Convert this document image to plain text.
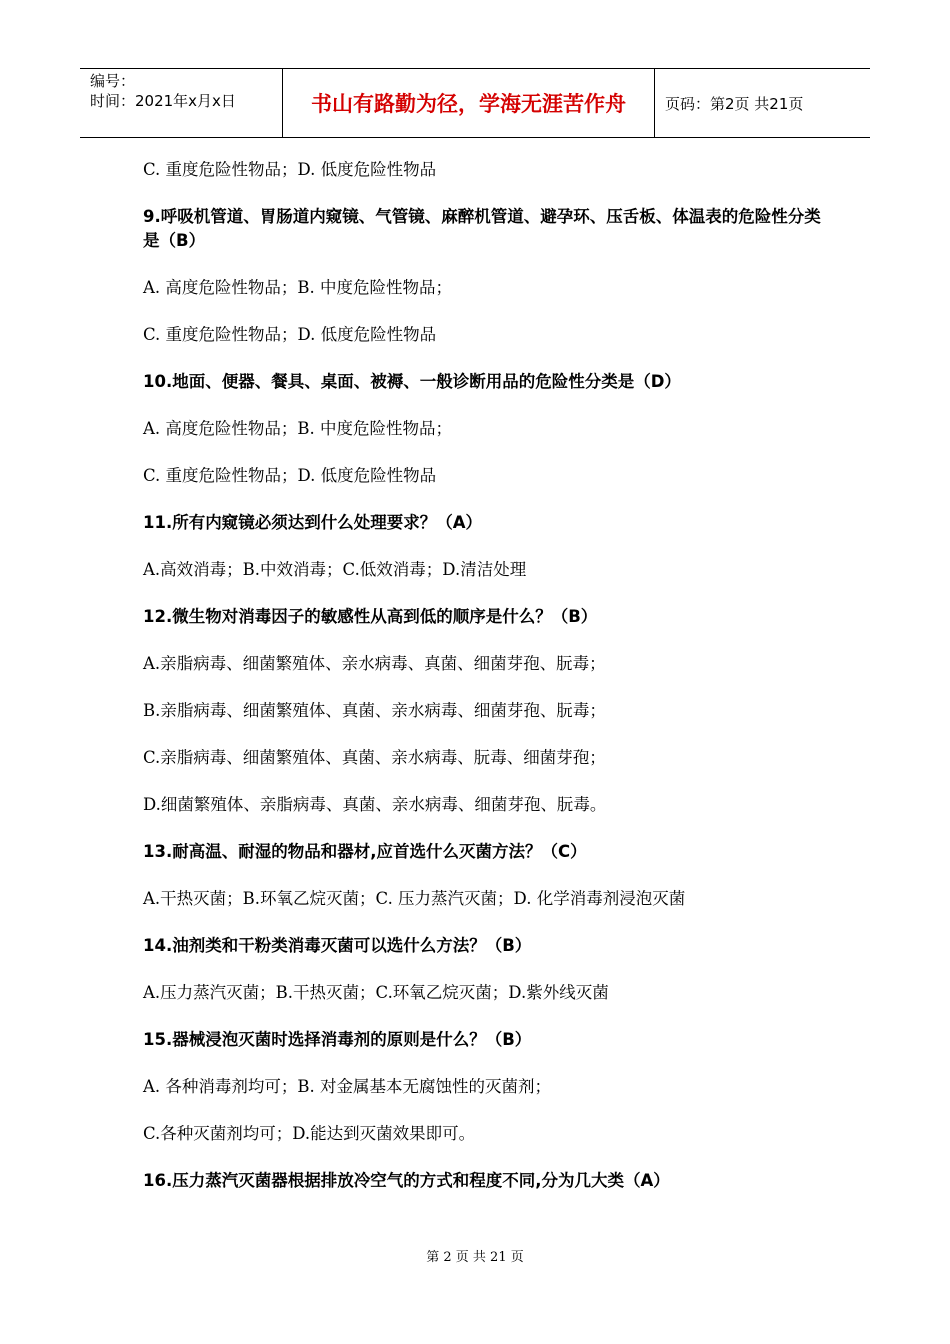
编号：
时间：2021年x月x日	书山有路勤为径，学海无涯苦作舟	页码：第2页 共21页
C. 重度危险性物品；D. 低度危险性物品
9.呼吸机管道、胃肠道内窥镜、气管镜、麻醉机管道、避孕环、压舌板、体温表的危险性分类是（B）
A. 高度危险性物品；B. 中度危险性物品；
C. 重度危险性物品；D. 低度危险性物品
10.地面、便器、餐具、桌面、被褥、一般诊断用品的危险性分类是（D）
A. 高度危险性物品；B. 中度危险性物品；
C. 重度危险性物品；D. 低度危险性物品
11.所有内窥镜必须达到什么处理要求？（A）
A.高效消毒；B.中效消毒；C.低效消毒；D.清洁处理
12.微生物对消毒因子的敏感性从高到低的顺序是什么？（B）
A.亲脂病毒、细菌繁殖体、亲水病毒、真菌、细菌芽孢、朊毒；
B.亲脂病毒、细菌繁殖体、真菌、亲水病毒、细菌芽孢、朊毒；
C.亲脂病毒、细菌繁殖体、真菌、亲水病毒、朊毒、细菌芽孢；
D.细菌繁殖体、亲脂病毒、真菌、亲水病毒、细菌芽孢、朊毒。
13.耐高温、耐湿的物品和器材,应首选什么灭菌方法？（C）
A.干热灭菌；B.环氧乙烷灭菌；C. 压力蒸汽灭菌；D. 化学消毒剂浸泡灭菌
14.油剂类和干粉类消毒灭菌可以选什么方法？（B）
A.压力蒸汽灭菌；B.干热灭菌；C.环氧乙烷灭菌；D.紫外线灭菌
15.器械浸泡灭菌时选择消毒剂的原则是什么？（B）
A. 各种消毒剂均可；B. 对金属基本无腐蚀性的灭菌剂；
C.各种灭菌剂均可；D.能达到灭菌效果即可。
16.压力蒸汽灭菌器根据排放冷空气的方式和程度不同,分为几大类（A）
第 2 页 共 21 页
